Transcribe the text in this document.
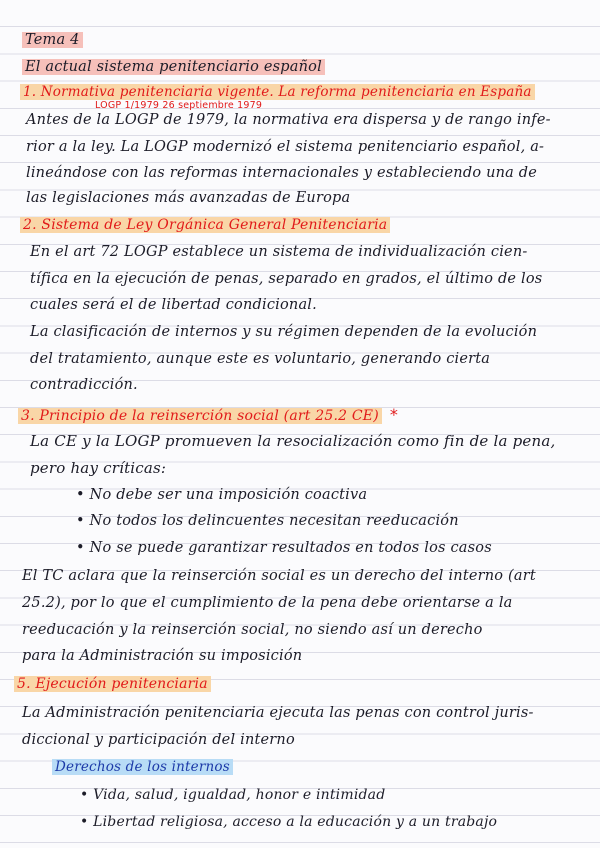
Tema 4
El actual sistema penitenciario español
1. Normativa penitenciaria vigente. La reforma penitenciaria en España
LOGP 1/1979 26 septiembre 1979
Antes de la LOGP de 1979, la normativa era dispersa y de rango infe-
rior a la ley. La LOGP modernizó el sistema penitenciario español, a-
lineándose con las reformas internacionales y estableciendo una de
las legislaciones más avanzadas de Europa
2. Sistema de Ley Orgánica General Penitenciaria
En el art 72 LOGP establece un sistema de individualización cien-
tífica en la ejecución de penas, separado en grados, el último de los
cuales será el de libertad condicional.
La clasificación de internos y su régimen dependen de la evolución
del tratamiento, aunque este es voluntario, generando cierta
contradicción.
3. Principio de la reinserción social (art 25.2 CE) *
La CE y la LOGP promueven la resocialización como fin de la pena,
pero hay críticas:
• No debe ser una imposición coactiva
• No todos los delincuentes necesitan reeducación
• No se puede garantizar resultados en todos los casos
El TC aclara que la reinserción social es un derecho del interno (art
25.2), por lo que el cumplimiento de la pena debe orientarse a la
reeducación y la reinserción social, no siendo así un derecho
para la Administración su imposición
5. Ejecución penitenciaria
La Administración penitenciaria ejecuta las penas con control juris-
diccional y participación del interno
Derechos de los internos
• Vida, salud, igualdad, honor e intimidad
• Libertad religiosa, acceso a la educación y a un trabajo
